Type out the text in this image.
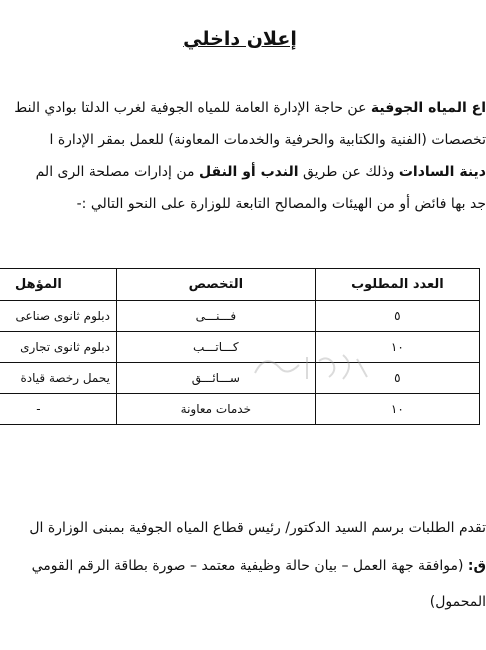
إعلان داخلي
اع المياه الجوفية عن حاجة الإدارة العامة للمياه الجوفية لغرب الدلتا بوادي النط
تخصصات (الفنية والكتابية والحرفية والخدمات المعاونة) للعمل بمقر الإدارة ا
دينة السادات وذلك عن طريق الندب أو النقل من إدارات مصلحة الرى الم
جد بها فائض أو من الهيئات والمصالح التابعة للوزارة على النحو التالي :-
العدد المطلوب	التخصص	المؤهل
٥	فـــنـــى	دبلوم ثانوى صناعى
١٠	كـــاتـــب	دبلوم ثانوى تجارى
٥	ســـائـــق	يحمل رخصة قيادة
١٠	خدمات معاونة	-
تقدم الطلبات برسم السيد الدكتور/ رئيس قطاع المياه الجوفية بمبنى الوزارة ال
ق: (موافقة جهة العمل – بيان حالة وظيفية معتمد – صورة بطاقة الرقم القومي
المحمول)
